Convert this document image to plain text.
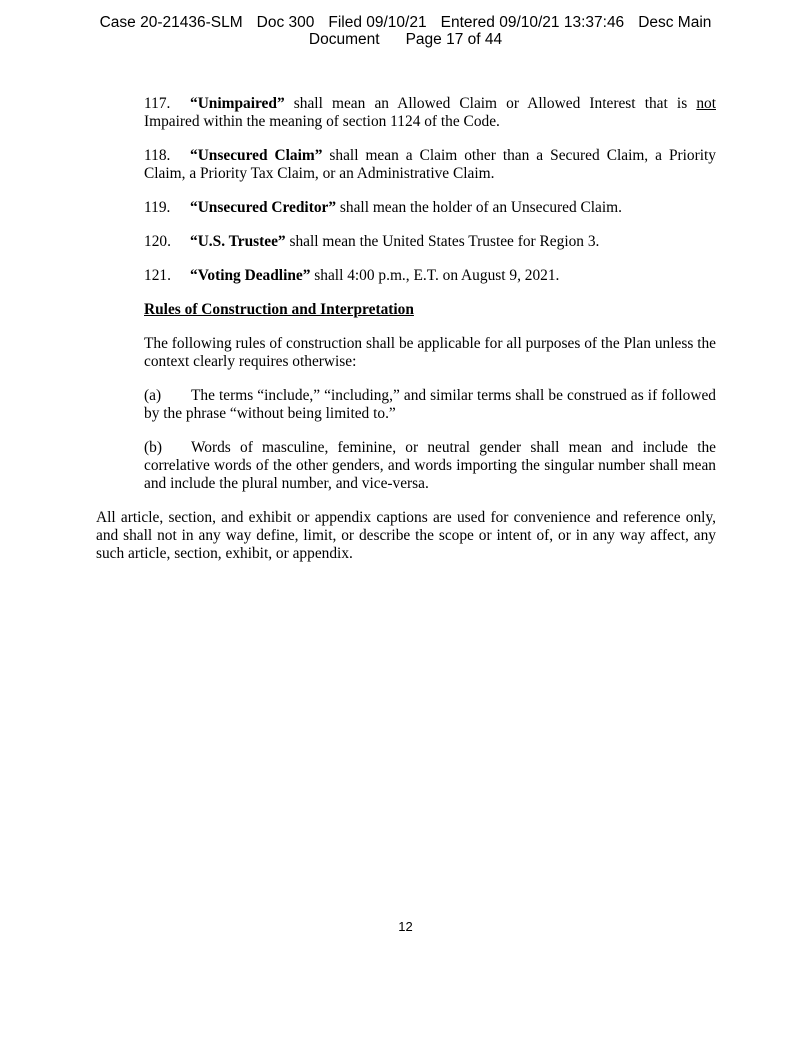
Case 20-21436-SLM Doc 300 Filed 09/10/21 Entered 09/10/21 13:37:46 Desc Main
Document Page 17 of 44

117. “Unimpaired” shall mean an Allowed Claim or Allowed Interest that is not Impaired within the meaning of section 1124 of the Code.

118. “Unsecured Claim” shall mean a Claim other than a Secured Claim, a Priority Claim, a Priority Tax Claim, or an Administrative Claim.

119. “Unsecured Creditor” shall mean the holder of an Unsecured Claim.

120. “U.S. Trustee” shall mean the United States Trustee for Region 3.

121. “Voting Deadline” shall 4:00 p.m., E.T. on August 9, 2021.

Rules of Construction and Interpretation

The following rules of construction shall be applicable for all purposes of the Plan unless the context clearly requires otherwise:

(a) The terms “include,” “including,” and similar terms shall be construed as if followed by the phrase “without being limited to.”

(b) Words of masculine, feminine, or neutral gender shall mean and include the correlative words of the other genders, and words importing the singular number shall mean and include the plural number, and vice-versa.

All article, section, and exhibit or appendix captions are used for convenience and reference only, and shall not in any way define, limit, or describe the scope or intent of, or in any way affect, any such article, section, exhibit, or appendix.

12
